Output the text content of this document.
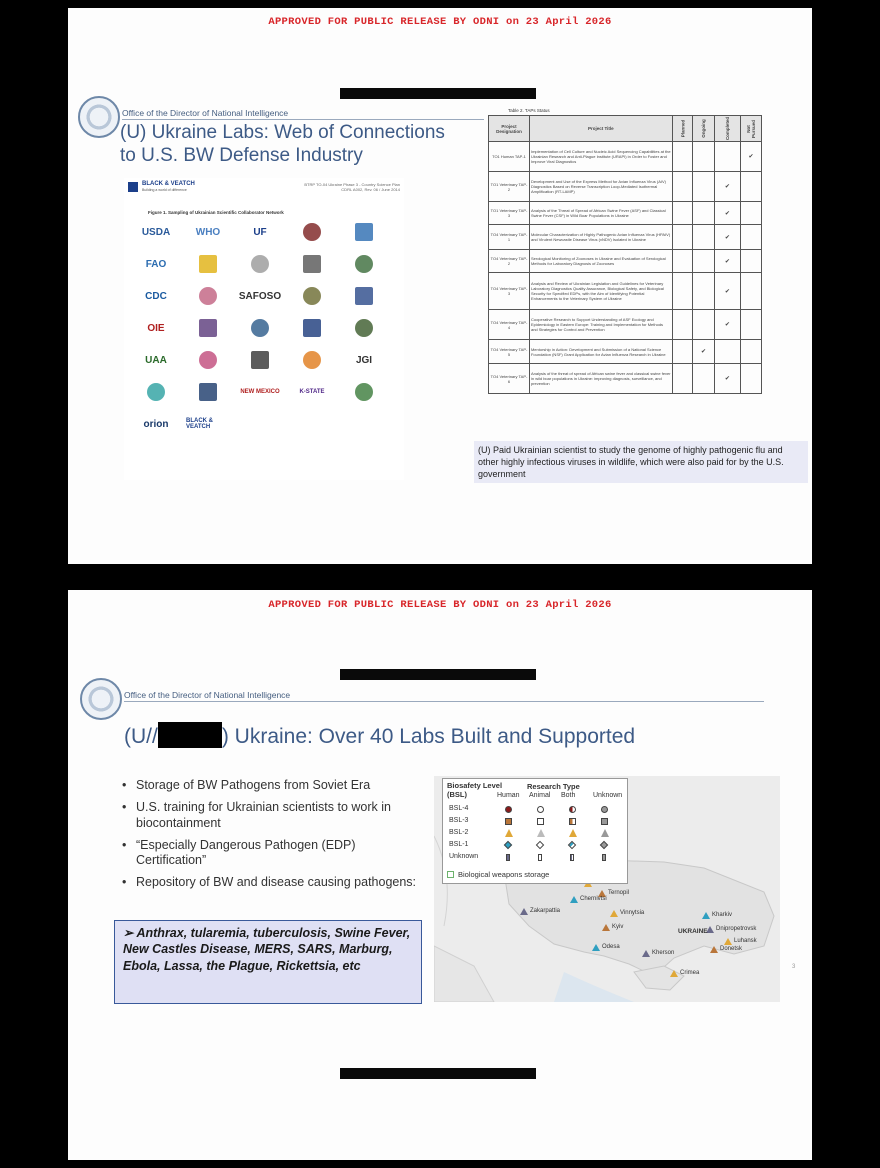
APPROVED FOR PUBLIC RELEASE BY ODNI on 23 April 2026
Office of the Director of National Intelligence
(U) Ukraine Labs: Web of Connections
to U.S. BW Defense Industry
BLACK & VEATCH
Building a world of difference
BTRP TO-04 Ukraine Phase 3 - Country Science Plan
CDRL A002, Rev. 06 / June 2014
Figure 1. Sampling of Ukrainian Scientific Collaborator Network
USDA	WHO	UF
FAO
CDC	SAFOSO
OIE
UAA	JGI
NEW MEXICO	K-STATE
orion	BLACK & VEATCH
Table 2. TAPs Status
Project Designation	Project Title	Planned	Ongoing	Completed	Not Pursued

TO1 Human TAP-1	Implementation of Cell Culture and Nucleic Acid Sequencing Capabilities at the Ukrainian Research and Anti-Plague Institute (URAPI) in Order to Foster and Improve Viral Diagnostics				✔
TO1 Veterinary TAP-2	Development and Use of the Express Method for Avian Influenza Virus (AIV) Diagnostics Based on Reverse Transcription Loop-Mediated Isothermal Amplification (RT-LAMP)			✔	
TO1 Veterinary TAP-3	Analysis of the Threat of Spread of African Swine Fever (ASF) and Classical Swine Fever (CSF) in Wild Boar Populations in Ukraine			✔	
TO4 Veterinary TAP-1	Molecular Characterization of Highly Pathogenic Avian Influenza Virus (HPAIV) and Virulent Newcastle Disease Virus (vNDV) Isolated in Ukraine			✔	
TO4 Veterinary TAP-2	Serological Monitoring of Zoonoses in Ukraine and Evaluation of Serological Methods for Laboratory Diagnosis of Zoonoses			✔	
TO4 Veterinary TAP-3	Analysis and Review of Ukrainian Legislation and Guidelines for Veterinary Laboratory Diagnostics Quality Assurance, Biological Safety, and Biological Security for Specified EDPs, with the Aim of Identifying Potential Enhancements to the Veterinary System of Ukraine			✔	
TO4 Veterinary TAP-4	Cooperative Research to Support Understanding of ASF Ecology and Epidemiology in Eastern Europe: Training and Implementation for Methods and Strategies for Control and Prevention			✔	
TO4 Veterinary TAP-5	Mentorship in Action: Development and Submission of a National Science Foundation (NSF) Grant Application for Avian Influenza Research in Ukraine		✔		
TO4 Veterinary TAP-6	Analysis of the threat of spread of African swine fever and classical swine fever in wild boar populations in Ukraine: improving diagnosis, surveillance, and prevention			✔	
(U) Paid Ukrainian scientist to study the genome of highly pathogenic flu and other highly infectious viruses in wildlife, which were also paid for by the U.S. government
APPROVED FOR PUBLIC RELEASE BY ODNI on 23 April 2026
Office of the Director of National Intelligence
(U//	) Ukraine: Over 40 Labs Built and Supported
• Storage of BW Pathogens from Soviet Era
• U.S. training for Ukrainian scientists to work in biocontainment
• “Especially Dangerous Pathogen (EDP) Certification”
• Repository of BW and disease causing pathogens:
➢ Anthrax, tularemia, tuberculosis, Swine Fever, New Castles Disease, MERS, SARS, Marburg, Ebola, Lassa, the Plague, Rickettsia, etc
Ternopil
Chernivtsi
Zakarpattia	Vinnytsia
Kyiv
Kharkiv
Dnipropetrovsk
Luhansk
Donetsk
Odesa
Kherson
Crimea
UKRAINE
Biosafety Level (BSL)
Research Type
Human Animal Both	Unknown
BSL-4
BSL-3
BSL-2
BSL-1
Unknown
Biological weapons storage
3
